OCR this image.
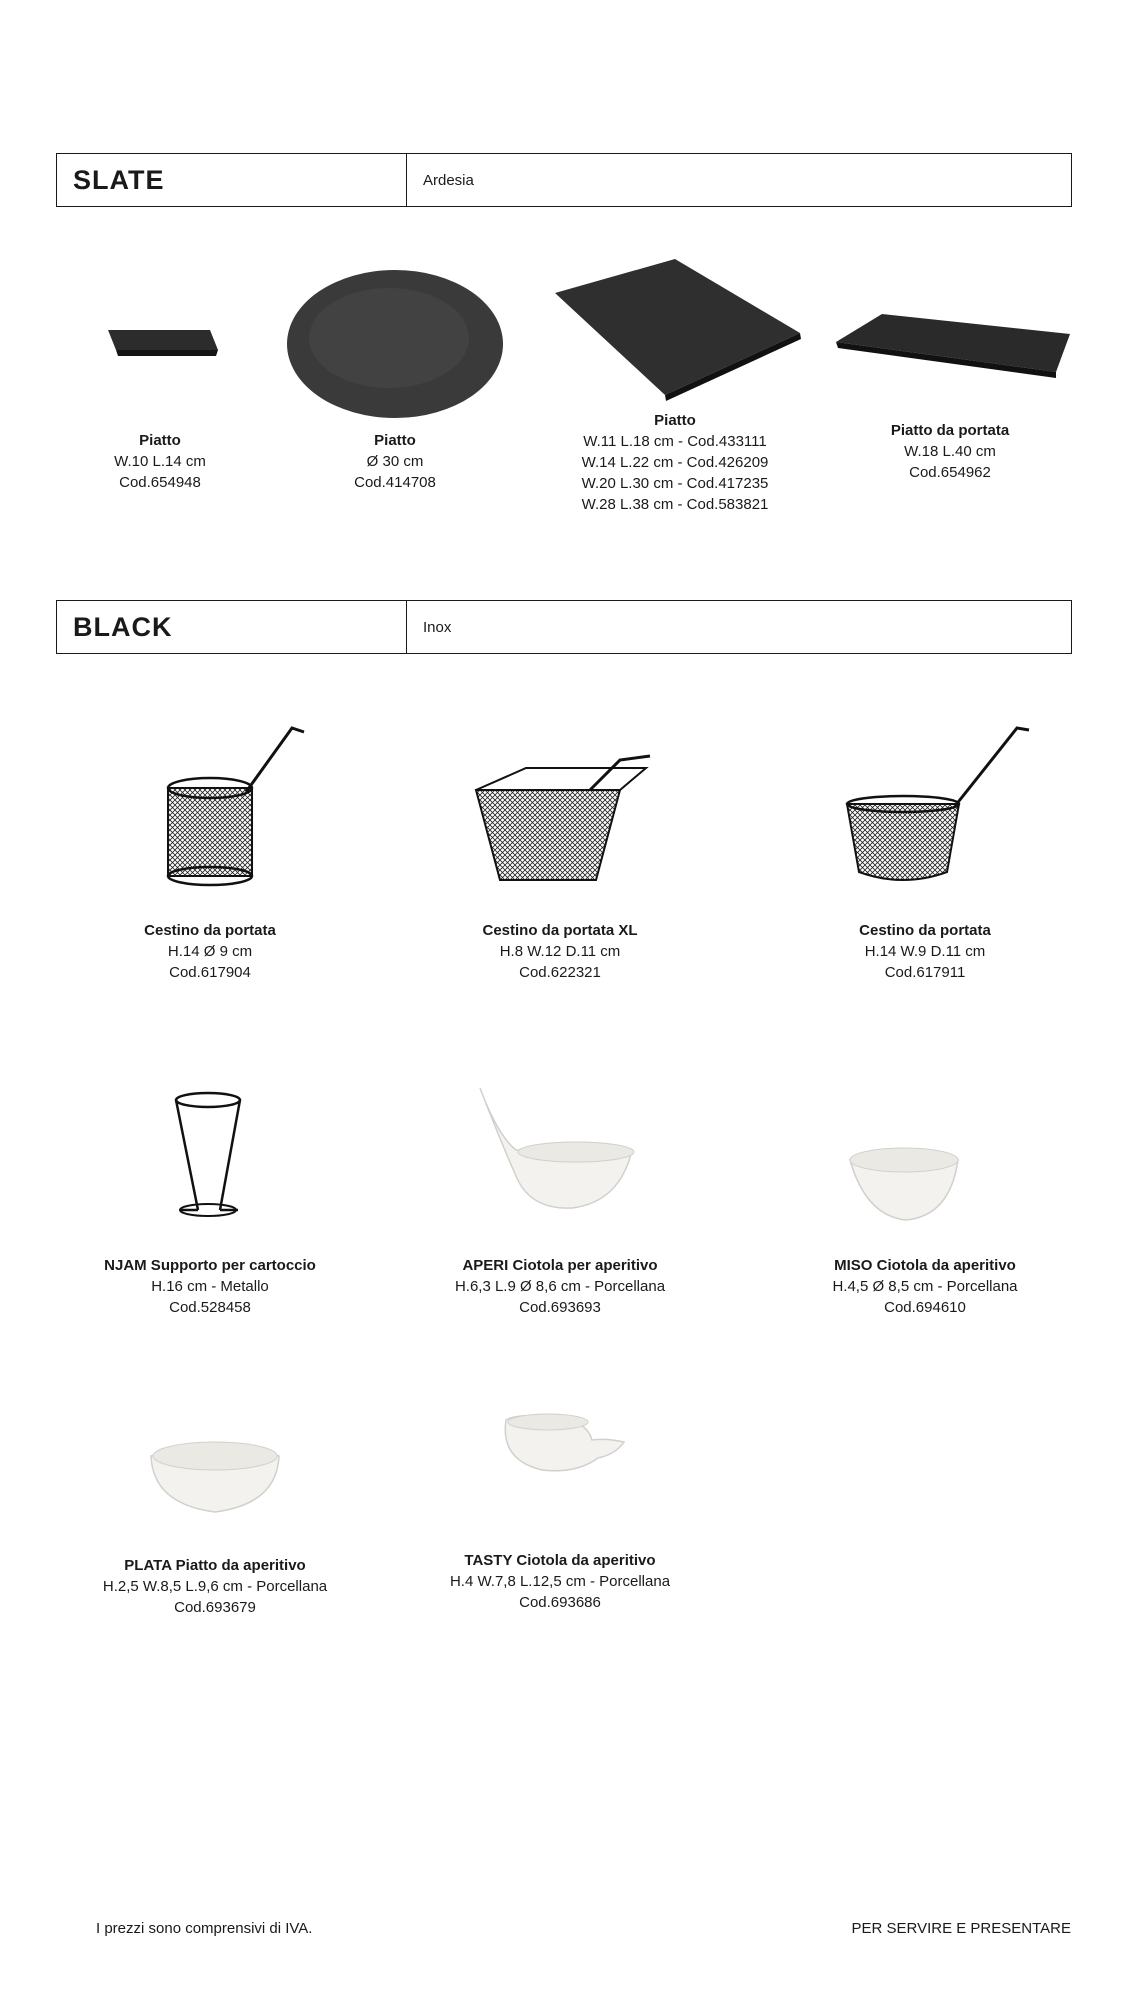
SLATE	Ardesia
Piatto
W.10 L.14 cm
Cod.654948
Piatto
Ø 30 cm
Cod.414708
Piatto
W.11 L.18 cm - Cod.433111
W.14 L.22 cm - Cod.426209
W.20 L.30 cm - Cod.417235
W.28 L.38 cm - Cod.583821
Piatto da portata
W.18 L.40 cm
Cod.654962
BLACK	Inox
Cestino da portata
H.14 Ø 9 cm
Cod.617904
Cestino da portata XL
H.8 W.12 D.11 cm
Cod.622321
Cestino da portata
H.14 W.9 D.11 cm
Cod.617911
NJAM Supporto per cartoccio
H.16 cm - Metallo
Cod.528458
APERI Ciotola per aperitivo
H.6,3 L.9 Ø 8,6 cm - Porcellana
Cod.693693
MISO Ciotola da aperitivo
H.4,5 Ø 8,5 cm - Porcellana
Cod.694610
PLATA Piatto da aperitivo
H.2,5 W.8,5 L.9,6 cm - Porcellana
Cod.693679
TASTY Ciotola da aperitivo
H.4 W.7,8 L.12,5 cm - Porcellana
Cod.693686
I prezzi sono comprensivi di IVA.	PER SERVIRE E PRESENTARE
